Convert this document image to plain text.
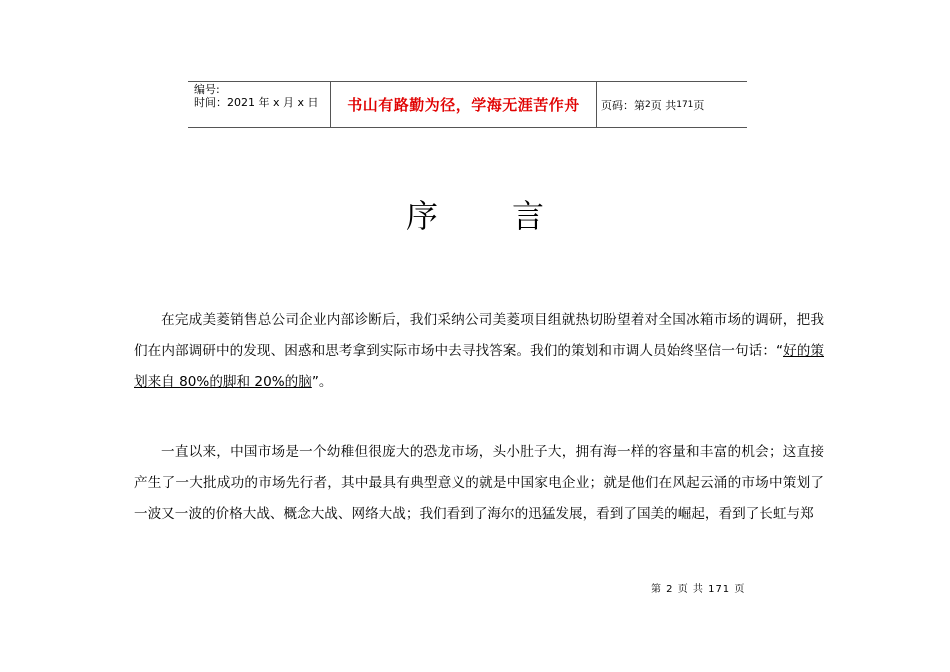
编号:
时间：2021 年 x 月 x 日	书山有路勤为径，学海无涯苦作舟 页码：第 2 页 共 171 页
序 言
在完成美菱销售总公司企业内部诊断后，我们采纳公司美菱项目组就热切盼望着对全国冰箱市场的调研，把我们在内部调研中的发现、困惑和思考拿到实际市场中去寻找答案。我们的策划和市调人员始终坚信一句话：“好的策划来自 80%的脚和 20%的脑”。
一直以来，中国市场是一个幼稚但很庞大的恐龙市场，头小肚子大，拥有海一样的容量和丰富的机会；这直接产生了一大批成功的市场先行者，其中最具有典型意义的就是中国家电企业；就是他们在风起云涌的市场中策划了一波又一波的价格大战、概念大战、网络大战；我们看到了海尔的迅猛发展，看到了国美的崛起，看到了长虹与郑
第 2 页 共 171 页
